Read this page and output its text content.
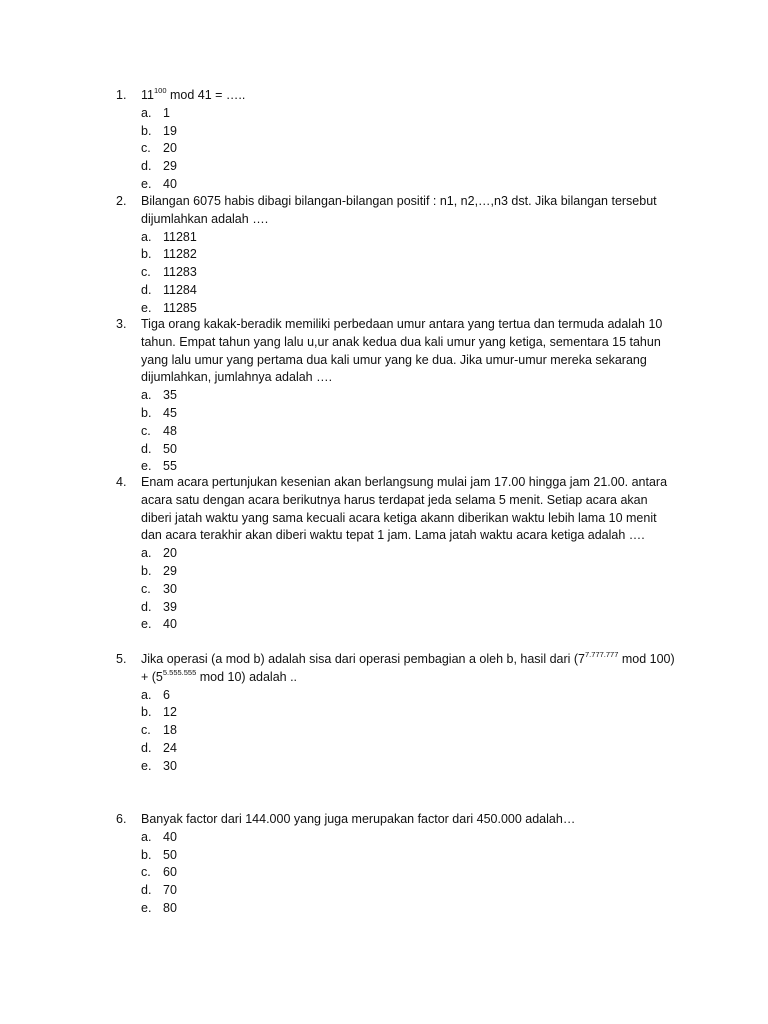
1.	$11^{100}$ mod 41 = …..
a. 1
b. 19
c. 20
d. 29
e. 40
2.	Bilangan 6075 habis dibagi bilangan-bilangan positif : n1, n2,…,n3 dst. Jika bilangan tersebut dijumlahkan adalah ….
a. 11281
b. 11282
c. 11283
d. 11284
e. 11285
3.	Tiga orang kakak-beradik memiliki perbedaan umur antara yang tertua dan termuda adalah 10 tahun. Empat tahun yang lalu u,ur anak kedua dua kali umur yang ketiga, sementara 15 tahun yang lalu umur yang pertama dua kali umur yang ke dua. Jika umur-umur mereka sekarang dijumlahkan, jumlahnya adalah ….
a. 35
b. 45
c. 48
d. 50
e. 55
4.	Enam acara pertunjukan kesenian akan berlangsung mulai jam 17.00 hingga jam 21.00. antara acara satu dengan acara berikutnya harus terdapat jeda selama 5 menit. Setiap acara akan diberi jatah waktu yang sama kecuali acara ketiga akann diberikan waktu lebih lama 10 menit dan acara terakhir akan diberi waktu tepat 1 jam. Lama jatah waktu acara ketiga adalah ….
a. 20
b. 29
c. 30
d. 39
e. 40
5.	Jika operasi (a mod b) adalah sisa dari operasi pembagian a oleh b, hasil dari ($7^{7.777.777}$ mod $100) + (5^{5.555.555}$ mod 10) adalah ..
a. 6
b. 12
c. 18
d. 24
e. 30
6.	Banyak factor dari 144.000 yang juga merupakan factor dari 450.000 adalah…
a. 40
b. 50
c. 60
d. 70
e. 80
